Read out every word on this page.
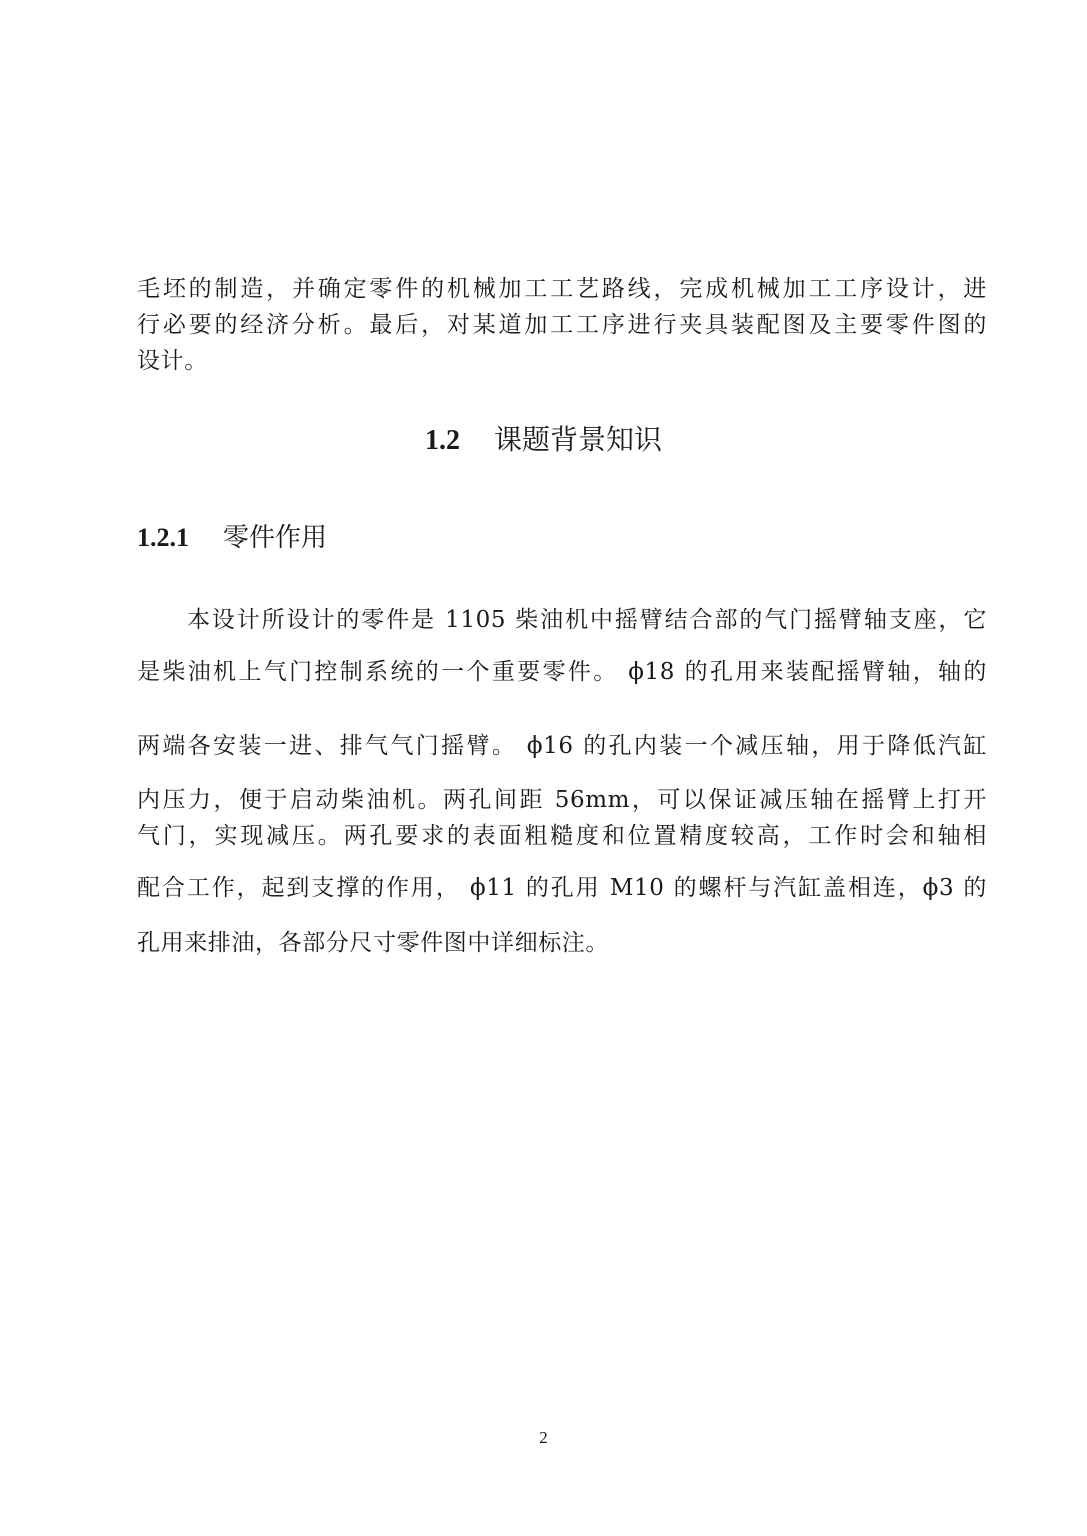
毛坯的制造，并确定零件的机械加工工艺路线，完成机械加工工序设计，进
行必要的经济分析。最后，对某道加工工序进行夹具装配图及主要零件图的
设计。
1.2 课题背景知识
1.2.1 零件作用
本设计所设计的零件是 1105 柴油机中摇臂结合部的气门摇臂轴支座，它
是柴油机上气门控制系统的一个重要零件。 ϕ18 的孔用来装配摇臂轴，轴的
两端各安装一进、排气气门摇臂。 ϕ16 的孔内装一个减压轴，用于降低汽缸
内压力，便于启动柴油机。两孔间距 56mm，可以保证减压轴在摇臂上打开
气门，实现减压。两孔要求的表面粗糙度和位置精度较高，工作时会和轴相
配合工作，起到支撑的作用， ϕ11 的孔用 M10 的螺杆与汽缸盖相连，ϕ3 的
孔用来排油，各部分尺寸零件图中详细标注。
2
